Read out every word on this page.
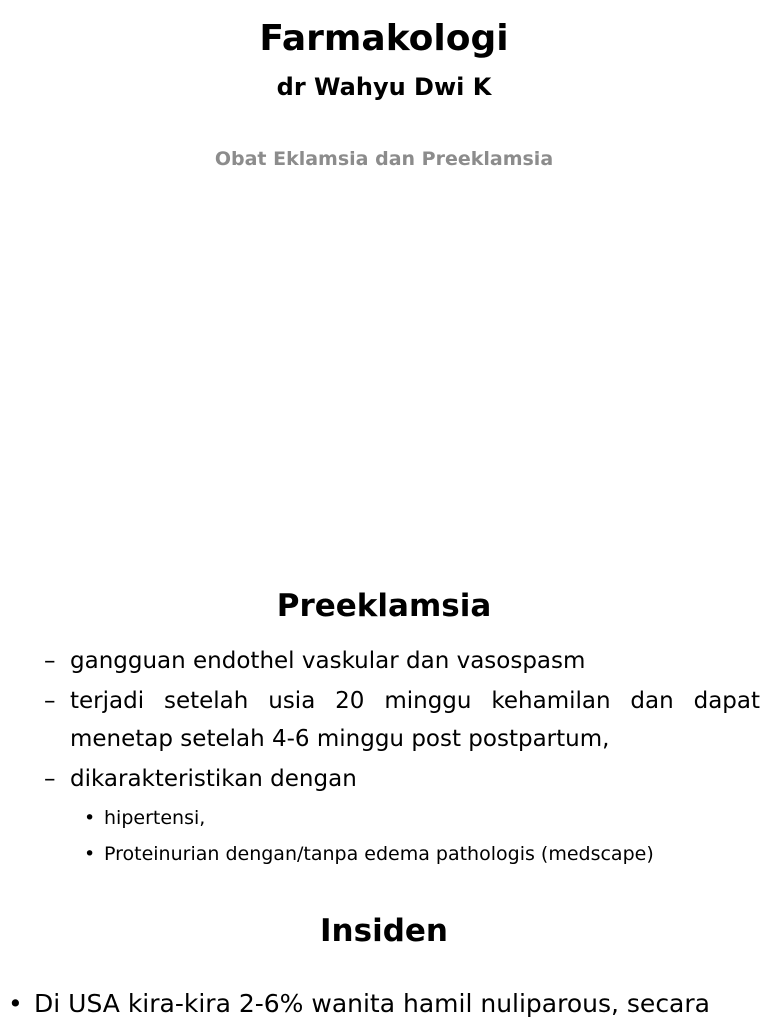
Farmakologi
dr Wahyu Dwi K
Obat Eklamsia dan Preeklamsia
Preeklamsia
– gangguan endothel vaskular dan vasospasm
– terjadi setelah usia 20 minggu kehamilan dan dapat menetap setelah 4-6 minggu post postpartum,
– dikarakteristikan dengan
• hipertensi,
• Proteinurian dengan/tanpa edema pathologis (medscape)
Insiden
• Di USA kira-kira 2-6% wanita hamil nuliparous, secara
